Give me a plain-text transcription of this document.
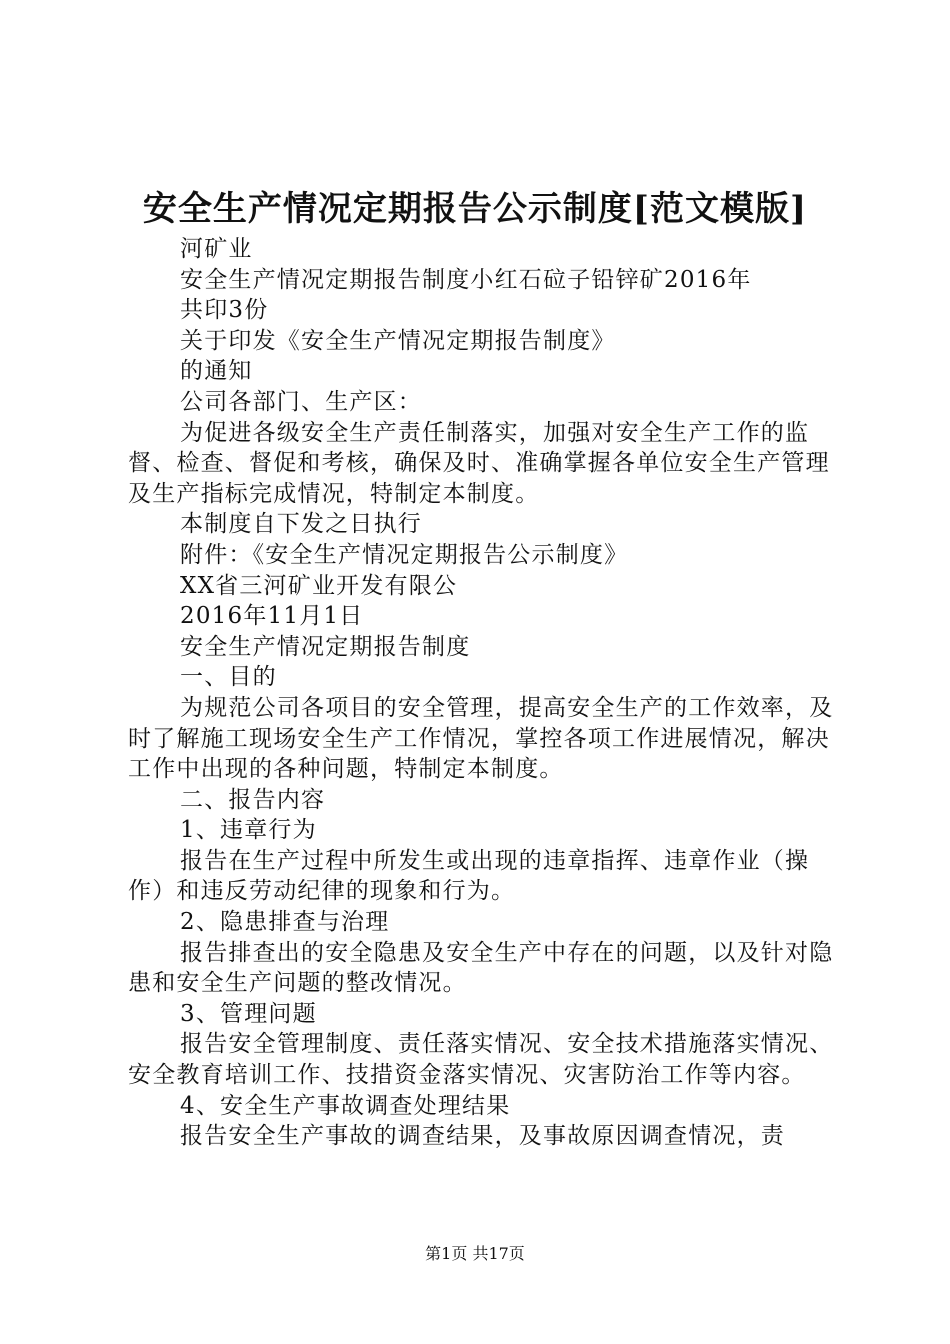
安全生产情况定期报告公示制度[范文模版]
河矿业
安全生产情况定期报告制度小红石砬子铅锌矿2016年
共印3份
关于印发《安全生产情况定期报告制度》
的通知
公司各部门、生产区：
为促进各级安全生产责任制落实，加强对安全生产工作的监督、检查、督促和考核，确保及时、准确掌握各单位安全生产管理及生产指标完成情况，特制定本制度。
本制度自下发之日执行
附件：《安全生产情况定期报告公示制度》
XX省三河矿业开发有限公
2016年11月1日
安全生产情况定期报告制度
一、目的
为规范公司各项目的安全管理，提高安全生产的工作效率，及时了解施工现场安全生产工作情况，掌控各项工作进展情况，解决工作中出现的各种问题，特制定本制度。
二、报告内容
1、违章行为
报告在生产过程中所发生或出现的违章指挥、违章作业（操作）和违反劳动纪律的现象和行为。
2、隐患排查与治理
报告排查出的安全隐患及安全生产中存在的问题，以及针对隐患和安全生产问题的整改情况。
3、管理问题
报告安全管理制度、责任落实情况、安全技术措施落实情况、安全教育培训工作、技措资金落实情况、灾害防治工作等内容。
4、安全生产事故调查处理结果
报告安全生产事故的调查结果，及事故原因调查情况，责
第1页 共17页
